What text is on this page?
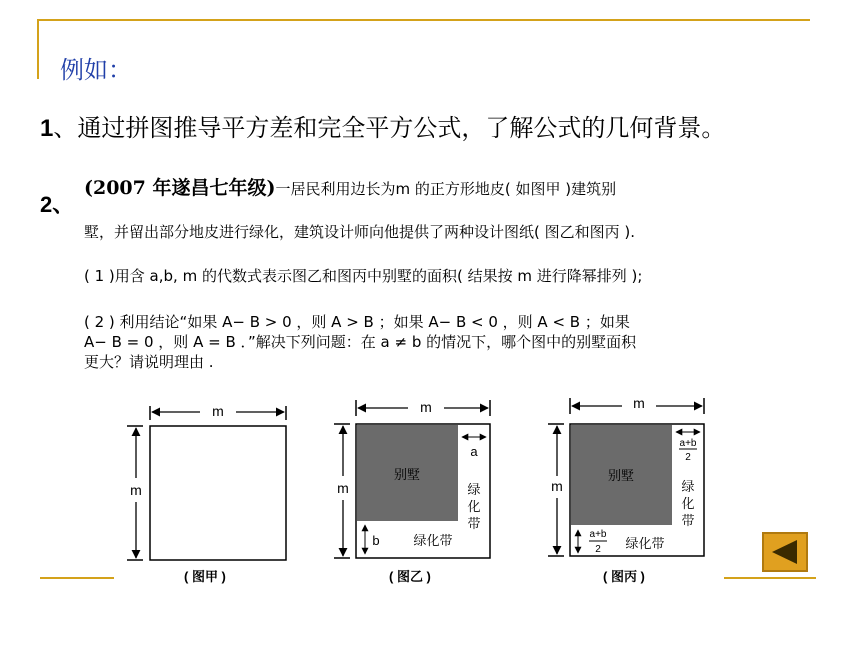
例如：
1、通过拼图推导平方差和完全平方公式，了解公式的几何背景。
2、
(2007 年遂昌七年级)一居民利用边长为m 的正方形地皮( 如图甲 )建筑别
墅，并留出部分地皮进行绿化，建筑设计师向他提供了两种设计图纸( 图乙和图丙 ).
( 1 )用含 a,b, m 的代数式表示图乙和图丙中别墅的面积( 结果按 m 进行降幂排列 );
( 2 ) 利用结论“如果 A− B > 0 ，则 A > B ；如果 A− B < 0 ，则 A < B ；如果
A− B = 0 ，则 A = B ．”解决下列问题：在 a ≠ b 的情况下，哪个图中的别墅面积
更大？请说明理由 .
m
m
m
m
别墅
a
绿
化
带
b	绿化带
m
m
别墅
a+b
2
绿
化
带
a+b
2 绿化带
( 图甲 )	( 图乙 )	( 图丙 )
